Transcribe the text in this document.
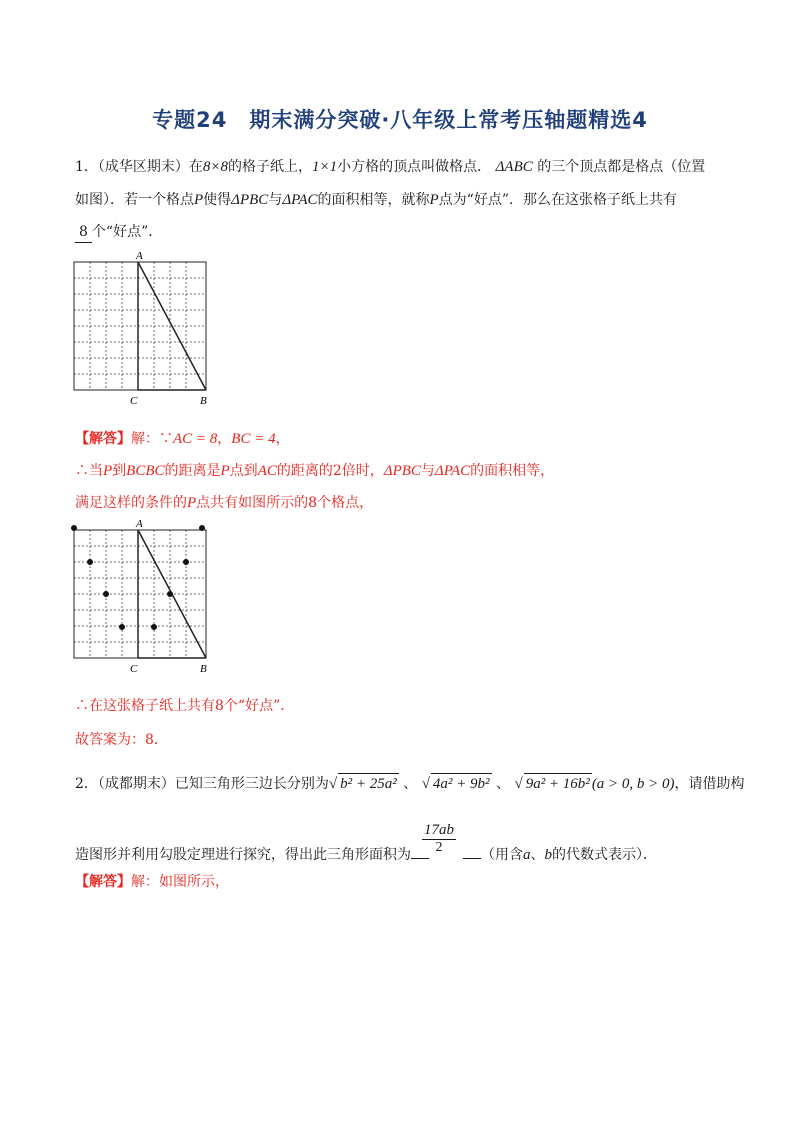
专题24　期末满分突破·八年级上常考压轴题精选4
1．（成华区期末）在8×8的格子纸上，1×1小方格的顶点叫做格点． ΔABC 的三个顶点都是格点（位置
如图）．若一个格点P使得ΔPBC与ΔPAC的面积相等，就称P点为“好点”．那么在这张格子纸上共有
8 个“好点”．
A
C	B
【解答】解：∵AC = 8，BC = 4，
∴当P到BCBC的距离是P点到AC的距离的2倍时，ΔPBC与ΔPAC的面积相等，
满足这样的条件的P点共有如图所示的8个格点，
A
C	B
∴在这张格子纸上共有8个“好点”．
故答案为：8．
2．（成都期末）已知三角形三边长分别为√ b² + 25a² 、 √ 4a² + 9b² 、 √ 9a² + 16b² (a > 0, b > 0)，请借助构
$\frac{17ab}{2}$
造图形并利用勾股定理进行探究，得出此三角形面积为	（用含a、b的代数式表示）．
【解答】解：如图所示，
